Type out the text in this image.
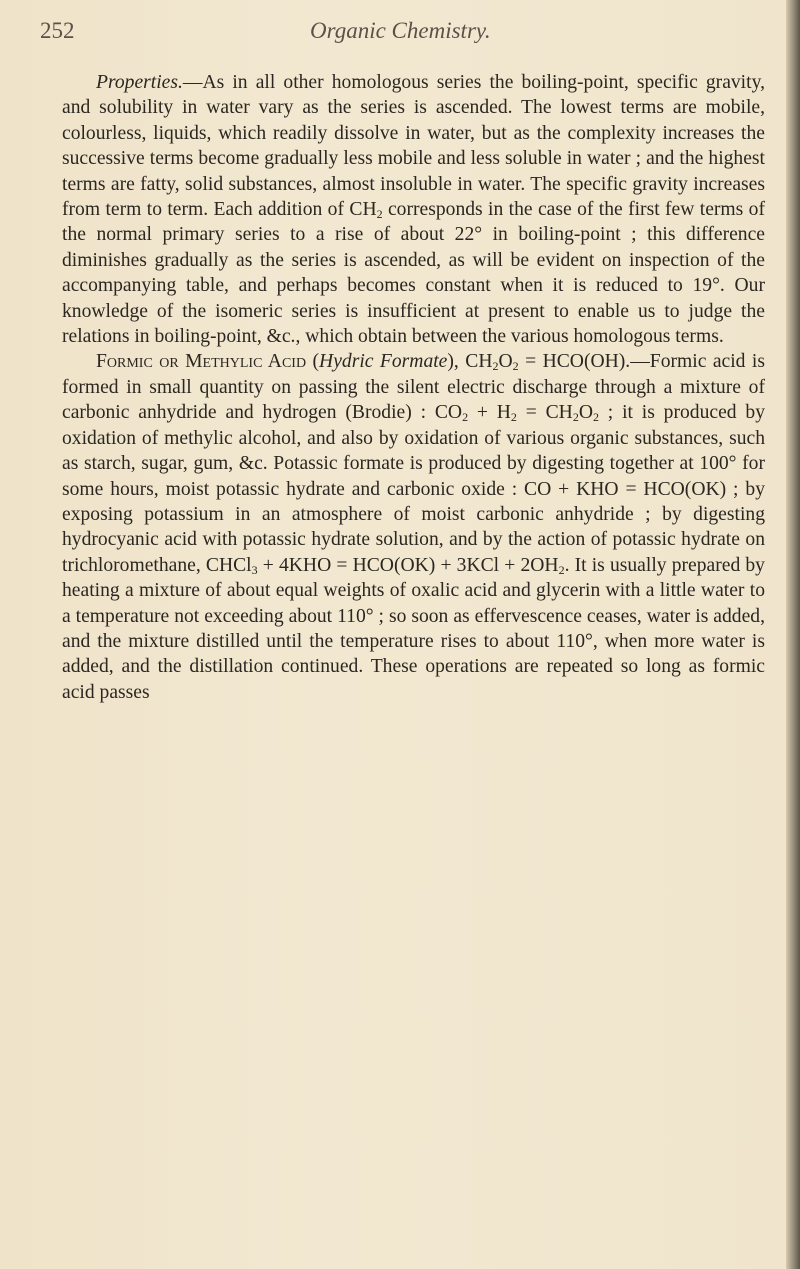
252	Organic Chemistry.

Properties.—As in all other homologous series the boiling-point, specific gravity, and solubility in water vary as the series is ascended. The lowest terms are mobile, colourless, liquids, which readily dissolve in water, but as the complexity increases the successive terms become gradually less mobile and less soluble in water ; and the highest terms are fatty, solid substances, almost insoluble in water. The specific gravity increases from term to term. Each addition of $CH_2$ corresponds in the case of the first few terms of the normal primary series to a rise of about 22° in boiling-point ; this difference diminishes gradually as the series is ascended, as will be evident on inspection of the accompanying table, and perhaps becomes constant when it is reduced to 19°. Our knowledge of the isomeric series is insufficient at present to enable us to judge the relations in boiling-point, &c., which obtain between the various homologous terms.

Formic or Methylic Acid (Hydric Formate), $CH_2O_2$ = HCO(OH).—Formic acid is formed in small quantity on passing the silent electric discharge through a mixture of carbonic anhydride and hydrogen (Brodie) : $CO_2 + H_2 = CH_2O_2$ ; it is produced by oxidation of methylic alcohol, and also by oxidation of various organic substances, such as starch, sugar, gum, &c. Potassic formate is produced by digesting together at 100° for some hours, moist potassic hydrate and carbonic oxide : CO + KHO = HCO(OK) ; by exposing potassium in an atmosphere of moist carbonic anhydride ; by digesting hydrocyanic acid with potassic hydrate solution, and by the action of potassic hydrate on trichloromethane, CHCl$_3$ + $4KHO = HCO(OK) + 3KCl + 2OH_2$. It is usually prepared by heating a mixture of about equal weights of oxalic acid and glycerin with a little water to a temperature not exceeding about 110° ; so soon as effervescence ceases, water is added, and the mixture distilled until the temperature rises to about 110°, when more water is added, and the distillation continued. These operations are repeated so long as formic acid passes
